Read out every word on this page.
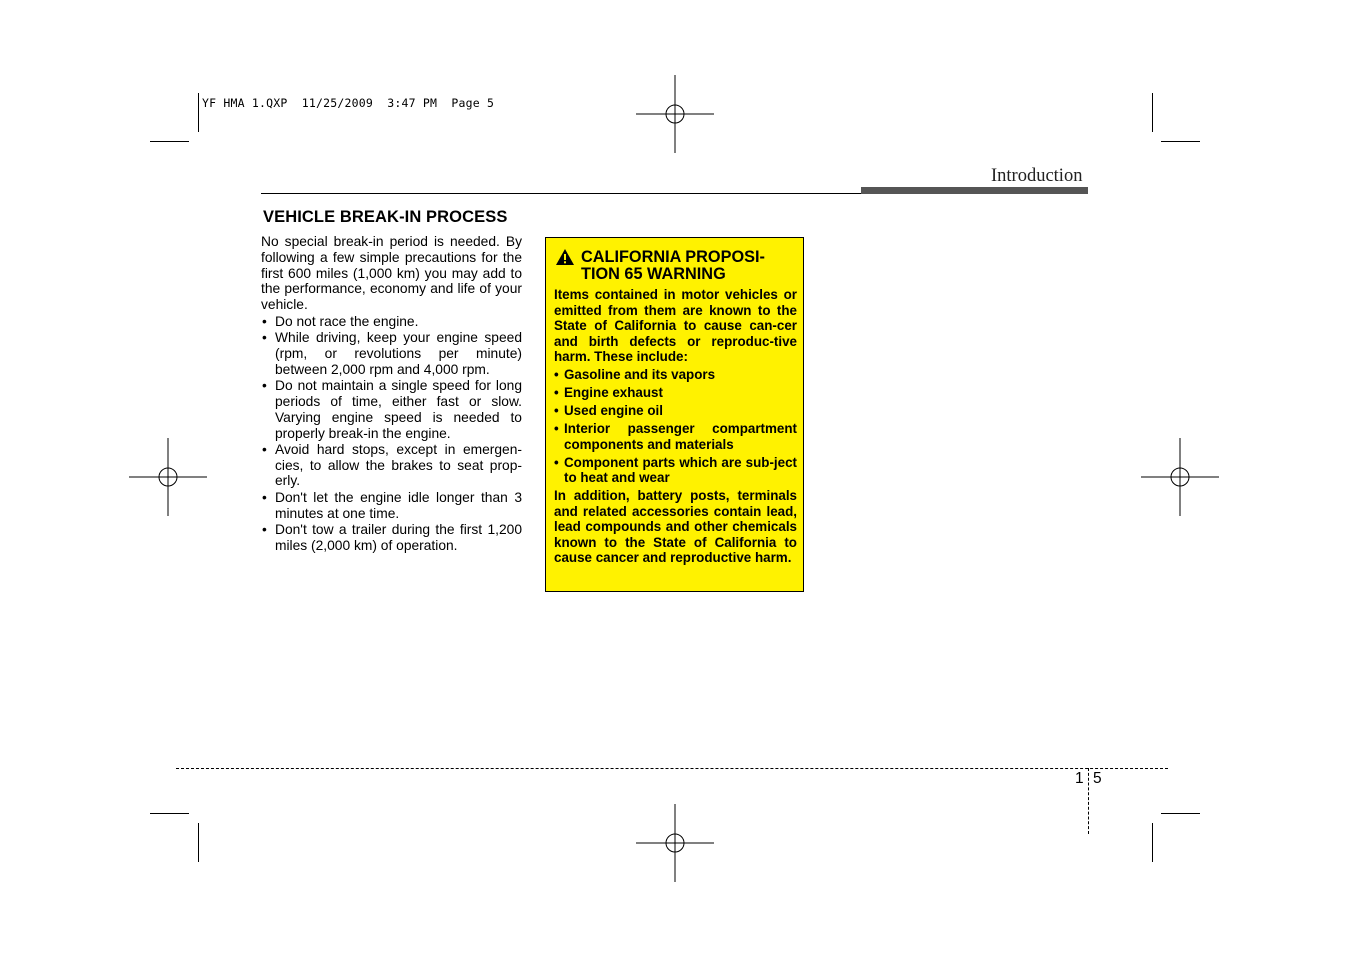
YF HMA 1.QXP  11/25/2009  3:47 PM  Page 5
Introduction
VEHICLE BREAK-IN PROCESS

No special break-in period is needed. By following a few simple precautions for the first 600 miles (1,000 km) you may add to the performance, economy and life of your vehicle.

• Do not race the engine.
• While driving, keep your engine speed (rpm, or revolutions per minute) between 2,000 rpm and 4,000 rpm.
• Do not maintain a single speed for long periods of time, either fast or slow. Varying engine speed is needed to properly break-in the engine.
• Avoid hard stops, except in emergen-cies, to allow the brakes to seat prop-erly.
• Don't let the engine idle longer than 3 minutes at one time.
• Don't tow a trailer during the first 1,200 miles (2,000 km) of operation.
CALIFORNIA PROPOSI-TION 65 WARNING

Items contained in motor vehicles or emitted from them are known to the State of California to cause can-cer and birth defects or reproduc-tive harm. These include:

• Gasoline and its vapors
• Engine exhaust
• Used engine oil
• Interior passenger compartment components and materials
• Component parts which are sub-ject to heat and wear

In addition, battery posts, terminals and related accessories contain lead, lead compounds and other chemicals known to the State of California to cause cancer and reproductive harm.

1 5
